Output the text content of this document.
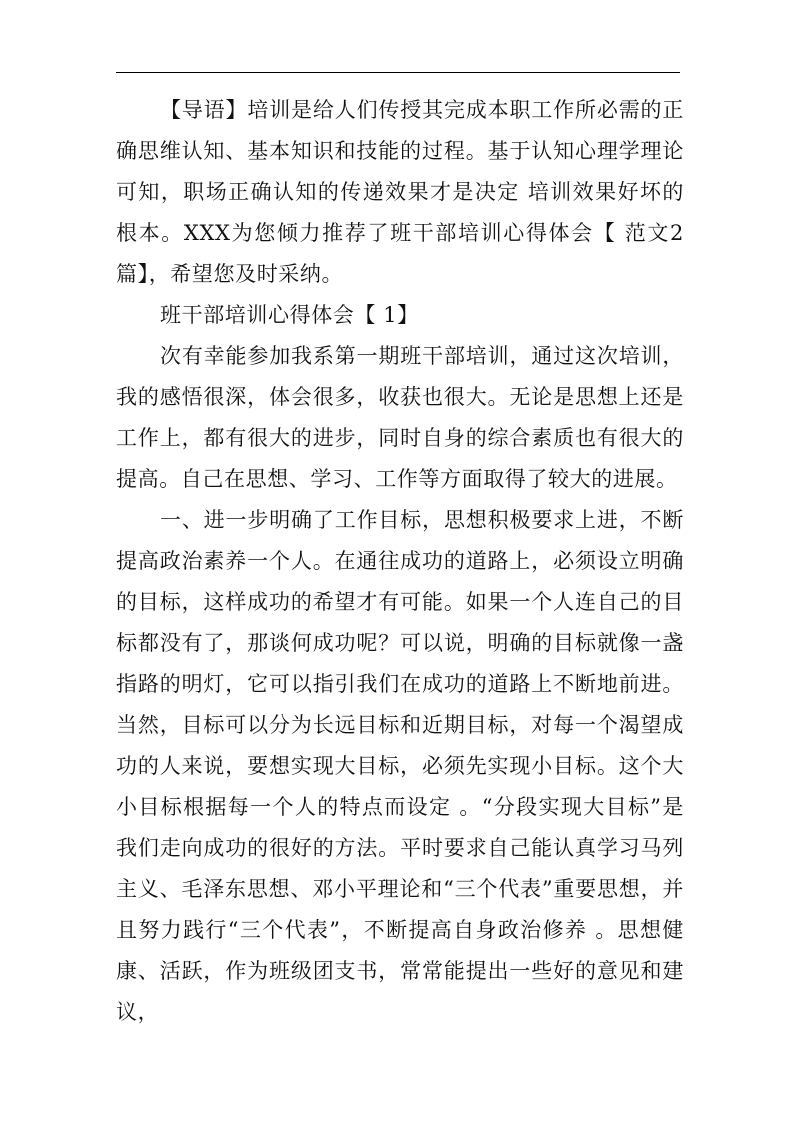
【导语】培训是给人们传授其完成本职工作所必需的正确思维认知、基本知识和技能的过程。基于认知心理学理论可知，职场正确认知的传递效果才是决定 培训效果好坏的根本。XXX为您倾力推荐了班干部培训心得体会【 范文2篇】，希望您及时采纳。

班干部培训心得体会【 1】

次有幸能参加我系第一期班干部培训，通过这次培训，我的感悟很深，体会很多，收获也很大。无论是思想上还是工作上，都有很大的进步，同时自身的综合素质也有很大的提高。自己在思想、学习、工作等方面取得了较大的进展。

一、进一步明确了工作目标，思想积极要求上进，不断提高政治素养一个人。在通往成功的道路上，必须设立明确的目标，这样成功的希望才有可能。如果一个人连自己的目标都没有了，那谈何成功呢？可以说，明确的目标就像一盏指路的明灯，它可以指引我们在成功的道路上不断地前进。当然，目标可以分为长远目标和近期目标，对每一个渴望成功的人来说，要想实现大目标，必须先实现小目标。这个大小目标根据每一个人的特点而设定 。“分段实现大目标”是我们走向成功的很好的方法。平时要求自己能认真学习马列主义、毛泽东思想、邓小平理论和“三个代表”重要思想，并且努力践行“三个代表”，不断提高自身政治修养 。思想健康、活跃，作为班级团支书，常常能提出一些好的意见和建议，
